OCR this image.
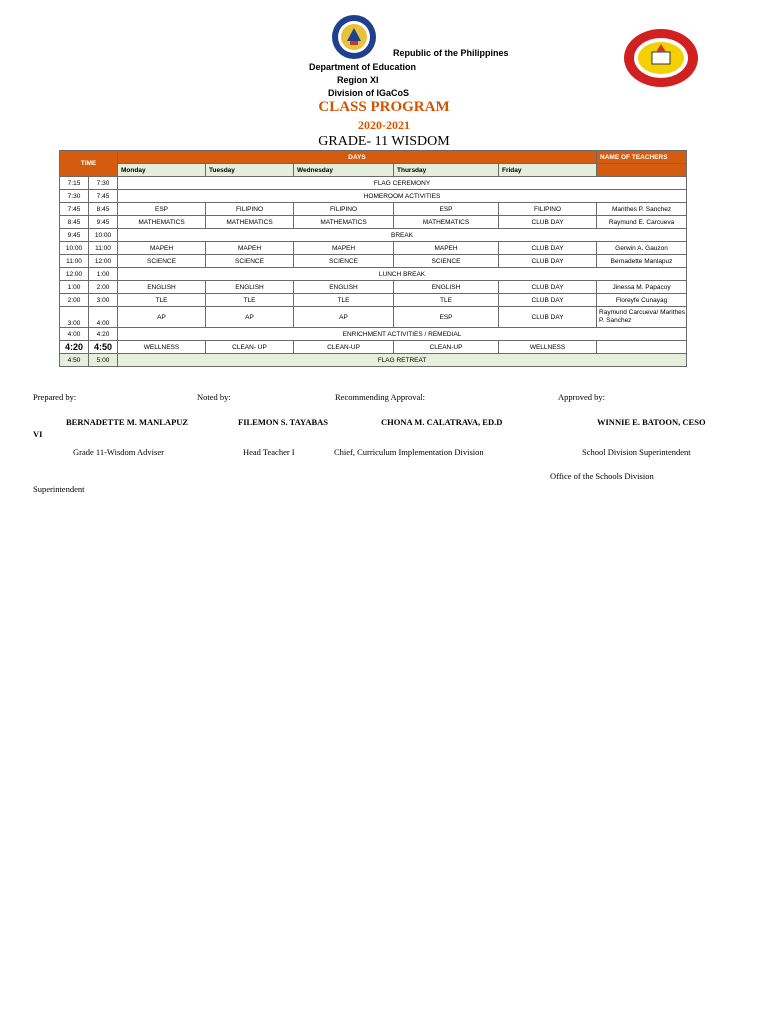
Republic of the Philippines
Department of Education
Region XI
Division of IGaCoS
CLASS PROGRAM
2020-2021
GRADE- 11 WISDOM
TIME		DAYS					NAME OF TEACHERS
		Monday	Tuesday	Wednesday	Thursday	Friday	
7:15	7:30	FLAG CEREMONY					
7:30	7:45	HOMEROOM ACTIVITIES					
7:45	8:45	ESP	FILIPINO	FILIPINO	ESP	FILIPINO	Marithes P. Sanchez
8:45	9:45	MATHEMATICS	MATHEMATICS	MATHEMATICS	MATHEMATICS	CLUB DAY	Raymund E. Carcueva
9:45	10:00	BREAK					
10:00	11:00	MAPEH	MAPEH	MAPEH	MAPEH	CLUB DAY	Gerwin A. Gauzon
11:00	12:00	SCIENCE	SCIENCE	SCIENCE	SCIENCE	CLUB DAY	Bernadette Manlapuz
12:00	1:00	LUNCH BREAK					
1:00	2:00	ENGLISH	ENGLISH	ENGLISH	ENGLISH	CLUB DAY	Jinessa M. Papacoy
2:00	3:00	TLE	TLE	TLE	TLE	CLUB DAY	Floreyfe Cunayag
3:00	4:00	AP	AP	AP	ESP	CLUB DAY	Raymund Carcueva/ Marithes P. Sanchez
4:00	4:20	ENRICHMENT ACTIVITIES / REMEDIAL					
4:20	4:50	WELLNESS	CLEAN- UP	CLEAN-UP	CLEAN-UP	WELLNESS	
4:50	5:00	FLAG RETREAT					
Prepared by:	Noted by:	Recommending Approval:	Approved by:
BERNADETTE M. MANLAPUZ	FILEMON S. TAYABAS	CHONA M. CALATRAVA, ED.D	WINNIE E. BATOON, CESO
VI
Grade 11-Wisdom Adviser	Head Teacher I	Chief, Curriculum Implementation Division	School Division Superintendent
Office of the Schools Division
Superintendent
